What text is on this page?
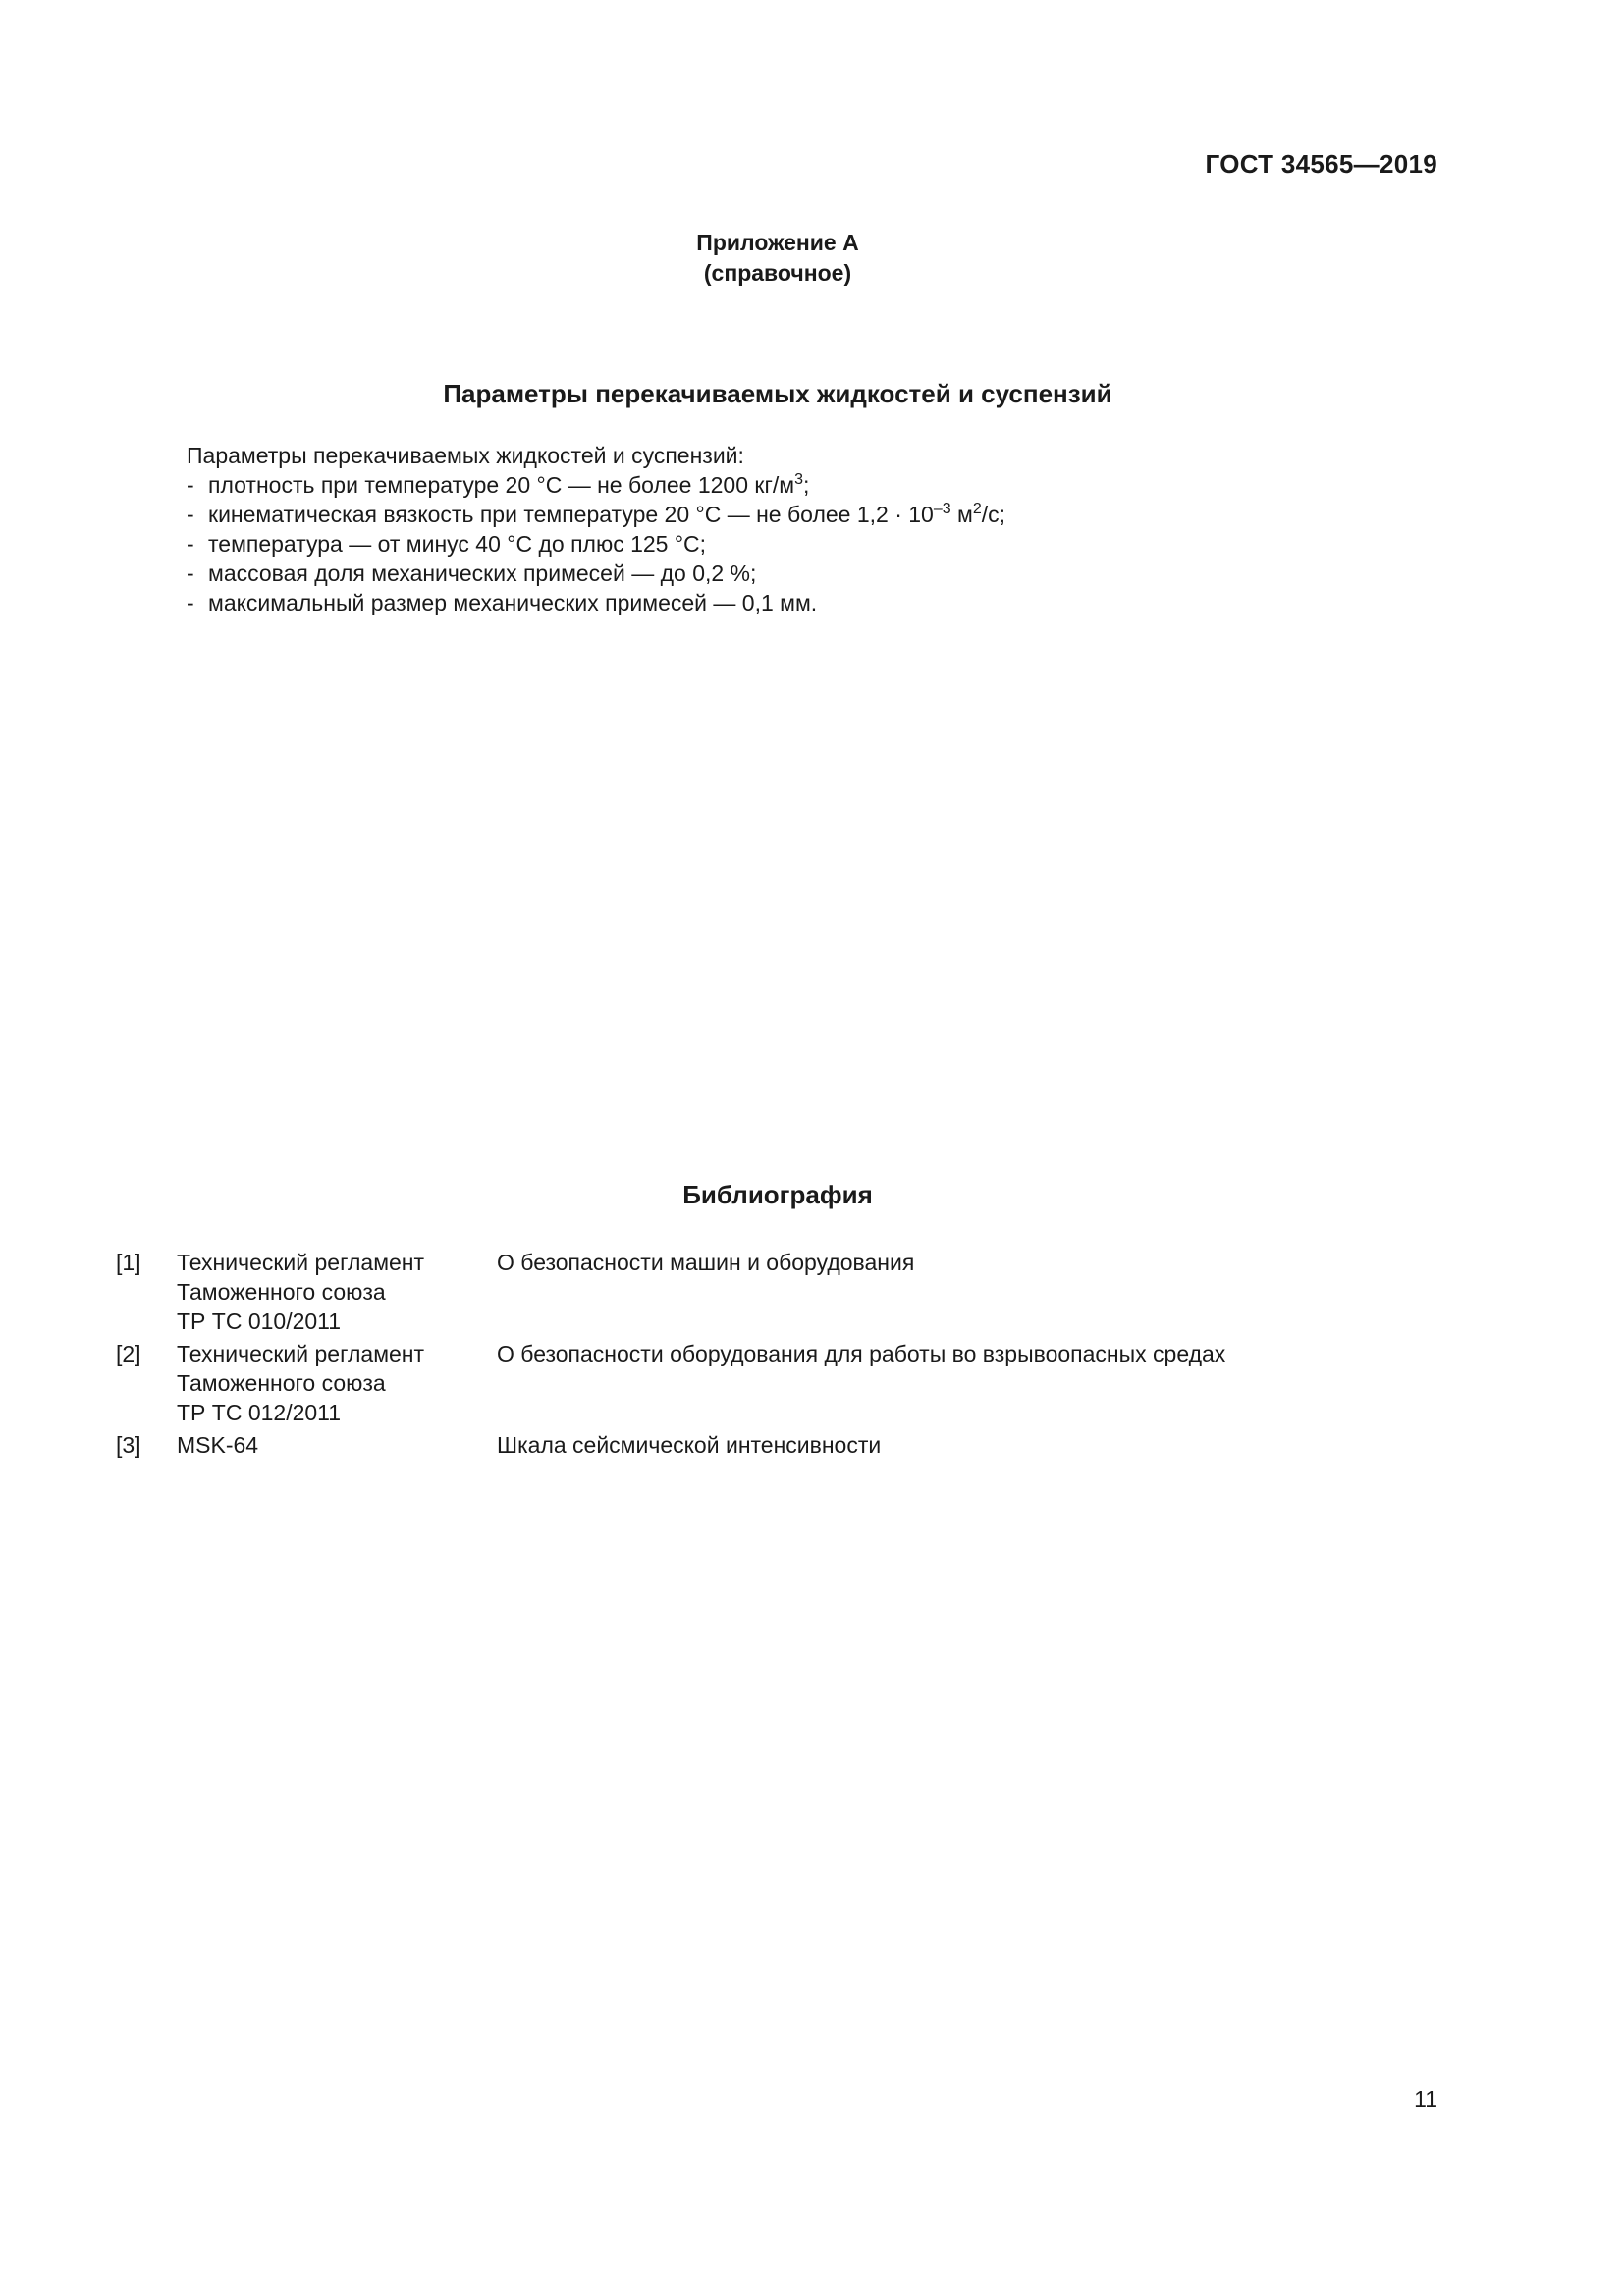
ГОСТ 34565—2019
Приложение А
(справочное)
Параметры перекачиваемых жидкостей и суспензий
Параметры перекачиваемых жидкостей и суспензий:
- плотность при температуре 20 °С — не более 1200 $кг/м^3$;
- кинематическая вязкость при температуре 20 °С — не более $1,2 \cdot 10^{-3}$ $м^2/с$;
- температура — от минус 40 °С до плюс 125 °С;
- массовая доля механических примесей — до 0,2 %;
- максимальный размер механических примесей — 0,1 мм.
Библиография
[1]	Технический регламент
Таможенного союза
ТР ТС 010/2011	О безопасности машин и оборудования
[2]	Технический регламент
Таможенного союза
ТР ТС 012/2011	О безопасности оборудования для работы во взрывоопасных средах
[3]	MSK-64	Шкала сейсмической интенсивности
11
